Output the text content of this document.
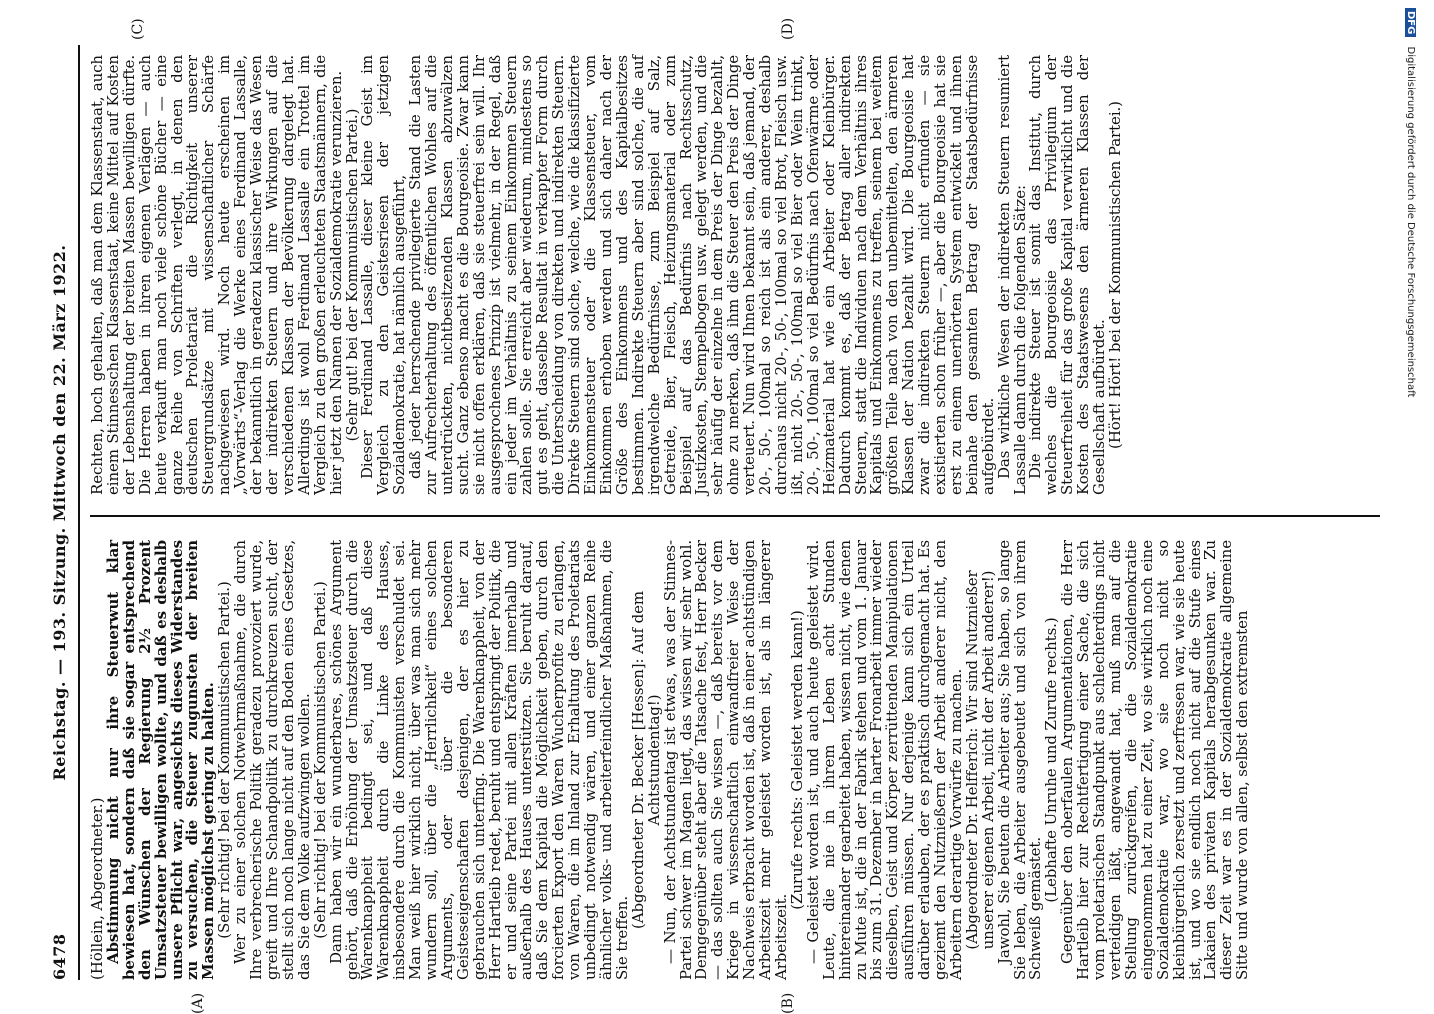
6478
Reichstag. — 193. Sitzung. Mittwoch den 22. März 1922.

(Höllein, Abgeordneter.)

Abstimmung nicht nur ihre Steuerwut klar bewiesen hat, sondern daß sie sogar entsprechend den Wünschen der Regierung 2½ Prozent Umsatzsteuer bewilligen wollte, und daß es deshalb unsere Pflicht war, angesichts dieses Widerstandes zu versuchen, die Steuer zugunsten der breiten Massen möglichst gering zu halten.

(Sehr richtig! bei der Kommunistischen Partei.)

Wer zu einer solchen Notwehrmaßnahme, die durch Ihre verbrecherische Politik geradezu provoziert wurde, greift und Ihre Schandpolitik zu durchkreuzen sucht, der stellt sich noch lange nicht auf den Boden eines Gesetzes, das Sie dem Volke aufzwingen wollen.

(Sehr richtig! bei der Kommunistischen Partei.)

Dann haben wir ein wunderbares, schönes Argument gehört, daß die Erhöhung der Umsatzsteuer durch die Warenknappheit bedingt sei, und daß diese Warenknappheit durch die Linke des Hauses, insbesondere durch die Kommunisten verschuldet sei. Man weiß hier wirklich nicht, über was man sich mehr wundern soll, über die „Herrlichkeit“ eines solchen Arguments, oder über die besonderen Geisteseigenschaften desjenigen, der es hier zu gebrauchen sich unterfing. Die Warenknappheit, von der Herr Hartleib redet, beruht und entspringt der Politik, die er und seine Partei mit allen Kräften innerhalb und außerhalb des Hauses unterstützen. Sie beruht darauf, daß Sie dem Kapital die Möglichkeit geben, durch den forcierten Export den Waren Wucherprofite zu erlangen, von Waren, die im Inland zur Erhaltung des Proletariats unbedingt notwendig wären, und einer ganzen Reihe ähnlicher volks- und arbeiterfeindlicher Maßnahmen, die Sie treffen.

(Abgeordneter Dr. Becker [Hessen]: Auf dem Achtstundentag!)

— Nun, der Achtstundentag ist etwas, was der Stinnes-Partei schwer im Magen liegt, das wissen wir sehr wohl. Demgegenüber steht aber die Tatsache fest, Herr Becker — das sollten auch Sie wissen —, daß bereits vor dem Kriege in wissenschaftlich einwandfreier Weise der Nachweis erbracht worden ist, daß in einer achtstündigen Arbeitszeit mehr geleistet worden ist, als in längerer Arbeitszeit.

(Zurufe rechts: Geleistet werden kann!)

— Geleistet worden ist, und auch heute geleistet wird. Leute, die nie in ihrem Leben acht Stunden hintereinander gearbeitet haben, wissen nicht, wie denen zu Mute ist, die in der Fabrik stehen und vom 1. Januar bis zum 31. Dezember in harter Fronarbeit immer wieder dieselben, Geist und Körper zerrüttenden Manipulationen ausführen müssen. Nur derjenige kann sich ein Urteil darüber erlauben, der es praktisch durchgemacht hat. Es geziemt den Nutznießern der Arbeit anderer nicht, den Arbeitern derartige Vorwürfe zu machen.

(Abgeordneter Dr. Helfferich: Wir sind Nutznießer unserer eigenen Arbeit, nicht der Arbeit anderer!)

Jawohl, Sie beuten die Arbeiter aus; Sie haben, so lange Sie leben, die Arbeiter ausgebeutet und sich von ihrem Schweiß gemästet.

(Lebhafte Unruhe und Zurufe rechts.)

Gegenüber den oberfaulen Argumentationen, die Herr Hartleib hier zur Rechtfertigung einer Sache, die sich vom proletarischen Standpunkt aus schlechterdings nicht verteidigen läßt, angewandt hat, muß man auf die Stellung zurückgreifen, die die Sozialdemokratie eingenommen hat zu einer Zeit, wo sie wirklich noch eine Sozialdemokratie war, wo sie noch nicht so kleinbürgerlich zersetzt und zerfressen war, wie sie heute ist, und wo sie endlich noch nicht auf die Stufe eines Lakaien des privaten Kapitals herabgesunken war. Zu dieser Zeit war es in der Sozialdemokratie allgemeine Sitte und wurde von allen, selbst den extremsten

Rechten, hoch gehalten, daß man dem Klassenstaat, auch einem Stinnesschen Klassenstaat, keine Mittel auf Kosten der Lebenshaltung der breiten Massen bewilligen dürfte. Die Herren haben in ihren eigenen Verlägen — auch heute verkauft man noch viele schöne Bücher — eine ganze Reihe von Schriften verlegt, in denen den deutschen Proletariat die Richtigkeit unserer Steuergrundsätze mit wissenschaftlicher Schärfe nachgewiesen wird. Noch heute erscheinen im „Vorwärts“-Verlag die Werke eines Ferdinand Lassalle, der bekanntlich in geradezu klassischer Weise das Wesen der indirekten Steuern und ihre Wirkungen auf die verschiedenen Klassen der Bevölkerung dargelegt hat. Allerdings ist wohl Ferdinand Lassalle ein Trottel im Vergleich zu den großen erleuchteten Staatsmännern, die hier jetzt den Namen der Sozialdemokratie verunzieren.

(Sehr gut! bei der Kommunistischen Partei.)

Dieser Ferdinand Lassalle, dieser kleine Geist im Vergleich zu den Geistesriesen der jetzigen Sozialdemokratie, hat nämlich ausgeführt,

daß jeder herrschende privilegierte Stand die Lasten zur Aufrechterhaltung des öffentlichen Wohles auf die unterdrückten, nichtbesitzenden Klassen abzuwälzen sucht. Ganz ebenso macht es die Bourgeoisie. Zwar kann sie nicht offen erklären, daß sie steuerfrei sein will. Ihr ausgesprochenes Prinzip ist vielmehr, in der Regel, daß ein jeder im Verhältnis zu seinem Einkommen Steuern zahlen solle. Sie erreicht aber wiederum, mindestens so gut es geht, dasselbe Resultat in verkappter Form durch die Unterscheidung von direkten und indirekten Steuern. Direkte Steuern sind solche, welche, wie die klassifizierte Einkommensteuer oder die Klassensteuer, vom Einkommen erhoben werden und sich daher nach der Größe des Einkommens und des Kapitalbesitzes bestimmen. Indirekte Steuern aber sind solche, die auf irgendwelche Bedürfnisse, zum Beispiel auf Salz, Getreide, Bier, Fleisch, Heizungsmaterial oder zum Beispiel auf das Bedürfnis nach Rechtsschutz, Justizkosten, Stempelbogen usw. gelegt werden, und die sehr häufig der einzelne in dem Preis der Dinge bezahlt, ohne zu merken, daß ihm die Steuer den Preis der Dinge verteuert. Nun wird Ihnen bekannt sein, daß jemand, der 20-, 50-, 100mal so reich ist als ein anderer, deshalb durchaus nicht 20-, 50-, 100mal so viel Brot, Fleisch usw. ißt, nicht 20-, 50-, 100mal so viel Bier oder Wein trinkt, 20-, 50-, 100mal so viel Bedürfnis nach Ofenwärme oder Heizmaterial hat wie ein Arbeiter oder Kleinbürger. Dadurch kommt es, daß der Betrag aller indirekten Steuern, statt die Individuen nach dem Verhältnis ihres Kapitals und Einkommens zu treffen, seinem bei weitem größten Teile nach von den unbemittelten, den ärmeren Klassen der Nation bezahlt wird. Die Bourgeoisie hat zwar die indirekten Steuern nicht erfunden — sie existierten schon früher —, aber die Bourgeoisie hat sie erst zu einem unerhörten System entwickelt und ihnen beinahe den gesamten Betrag der Staatsbedürfnisse aufgebürdet.

Das wirkliche Wesen der indirekten Steuern resumiert Lassalle dann durch die folgenden Sätze:

Die indirekte Steuer ist somit das Institut, durch welches die Bourgeoisie das Privilegium der Steuerfreiheit für das große Kapital verwirklicht und die Kosten des Staatswesens den ärmeren Klassen der Gesellschaft aufbürdet.

(Hört! Hört! bei der Kommunistischen Partei.)

(A)	(B)
(C)	(D)	DFG Digitalisierung gefördert durch die Deutsche Forschungsgemeinschaft
